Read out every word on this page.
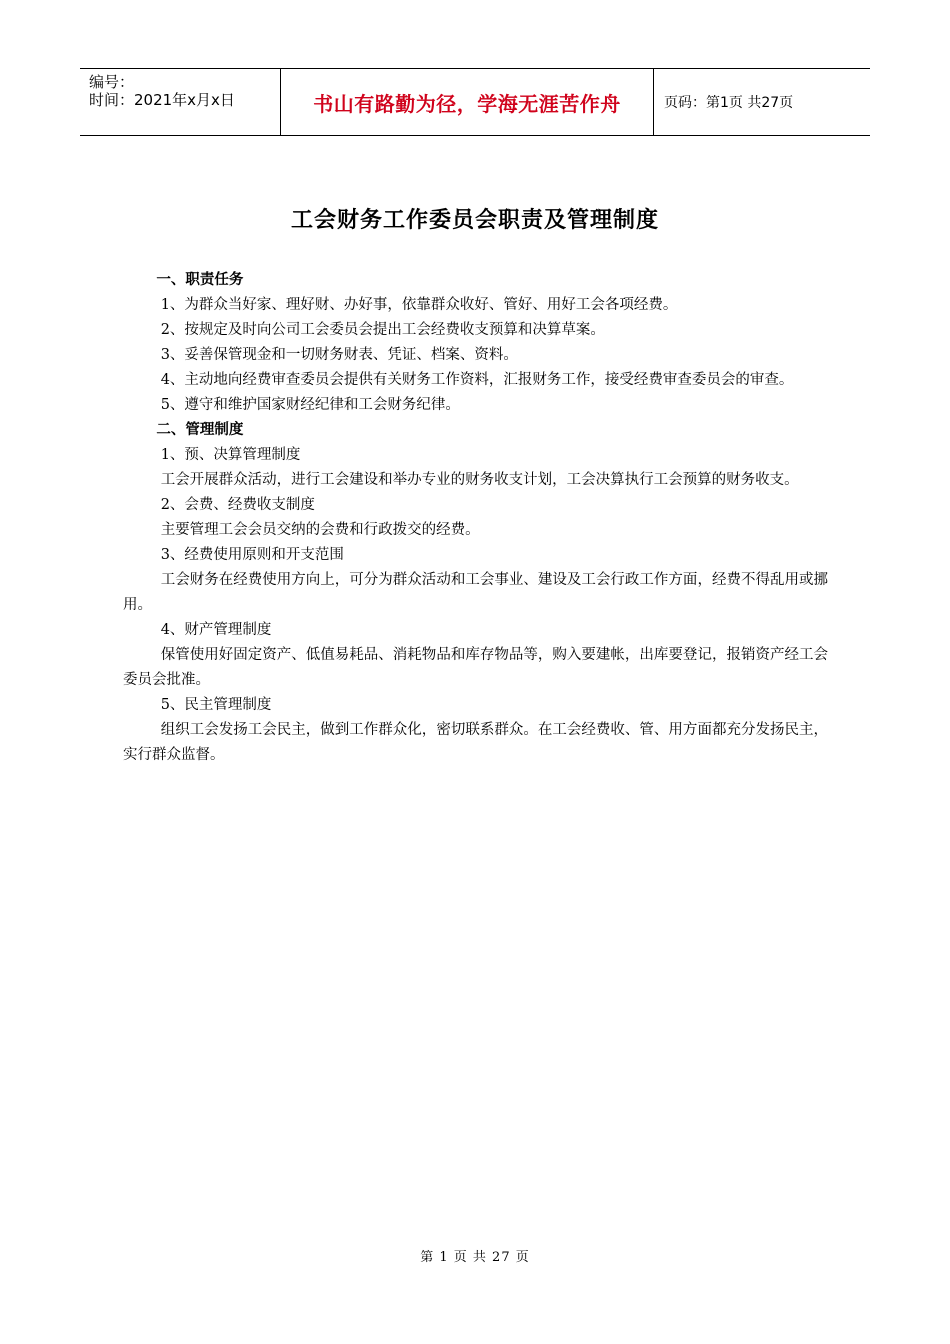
编号：
时间：2021年x月x日	书山有路勤为径，学海无涯苦作舟	页码：第1页 共27页
工会财务工作委员会职责及管理制度

一、职责任务

1、为群众当好家、理好财、办好事，依靠群众收好、管好、用好工会各项经费。

2、按规定及时向公司工会委员会提出工会经费收支预算和决算草案。

3、妥善保管现金和一切财务财表、凭证、档案、资料。

4、主动地向经费审查委员会提供有关财务工作资料，汇报财务工作，接受经费审查委员会的审查。

5、遵守和维护国家财经纪律和工会财务纪律。

二、管理制度

1、预、决算管理制度

工会开展群众活动，进行工会建设和举办专业的财务收支计划，工会决算执行工会预算的财务收支。

2、会费、经费收支制度

主要管理工会会员交纳的会费和行政拨交的经费。

3、经费使用原则和开支范围

工会财务在经费使用方向上，可分为群众活动和工会事业、建设及工会行政工作方面，经费不得乱用或挪用。

4、财产管理制度

保管使用好固定资产、低值易耗品、消耗物品和库存物品等，购入要建帐，出库要登记，报销资产经工会委员会批准。

5、民主管理制度

组织工会发扬工会民主，做到工作群众化，密切联系群众。在工会经费收、管、用方面都充分发扬民主，实行群众监督。

第 1 页 共 27 页
